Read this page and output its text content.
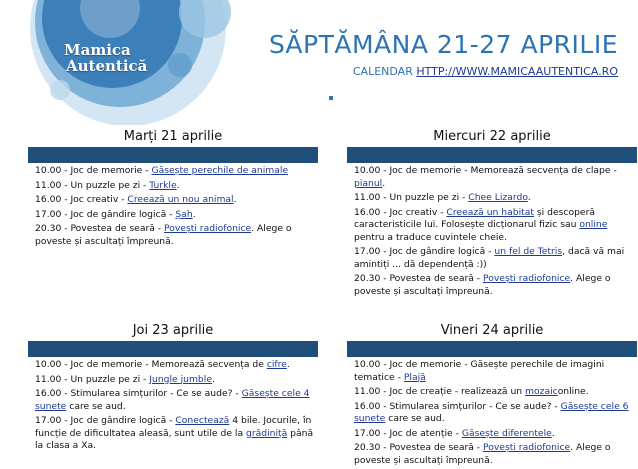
Mamica
Autentică
SĂPTĂMÂNA 21-27 APRILIE
CALENDAR HTTP://WWW.MAMICAAUTENTICA.RO
Marți 21 aprilie
10.00 - Joc de memorie - Găsește perechile de animale
11.00 - Un puzzle pe zi - Turkle.
16.00 - Joc creativ - Creează un nou animal.
17.00 - Joc de gândire logică - Șah.
20.30 - Povestea de seară - Povești radiofonice. Alege o poveste și ascultați împreună.
Miercuri 22 aprilie
10.00 - Joc de memorie - Memorează secvența de clape - pianul.
11.00 - Un puzzle pe zi - Chee Lizardo.
16.00 - Joc creativ - Creează un habitat și descoperă caracteristicile lui. Folosește dicționarul fizic sau online pentru a traduce cuvintele cheie.
17.00 - Joc de gândire logică - un fel de Tetris, dacă vă mai amintiți ... dă dependență :))
20.30 - Povestea de seară - Povești radiofonice. Alege o poveste și ascultați împreună.
Joi 23 aprilie
10.00 - Joc de memorie - Memorează secvența de cifre.
11.00 - Un puzzle pe zi - Jungle jumble.
16.00 - Stimularea simțurilor - Ce se aude? - Găsește cele 4 sunete care se aud.
17.00 - Joc de gândire logică - Conectează 4 bile. Jocurile, în funcție de dificultatea aleasă, sunt utile de la grădiniță până la clasa a Xa.
Vineri 24 aprilie
10.00 - Joc de memorie - Găsește perechile de imagini tematice - Plajă
11.00 - Joc de creație - realizează un mozaiconline.
16.00 - Stimularea simțurilor - Ce se aude? - Găsește cele 6 sunete care se aud.
17.00 - Joc de atenție - Găsește diferentele.
20.30 - Povestea de seară - Povești radiofonice. Alege o poveste și ascultați împreună.
